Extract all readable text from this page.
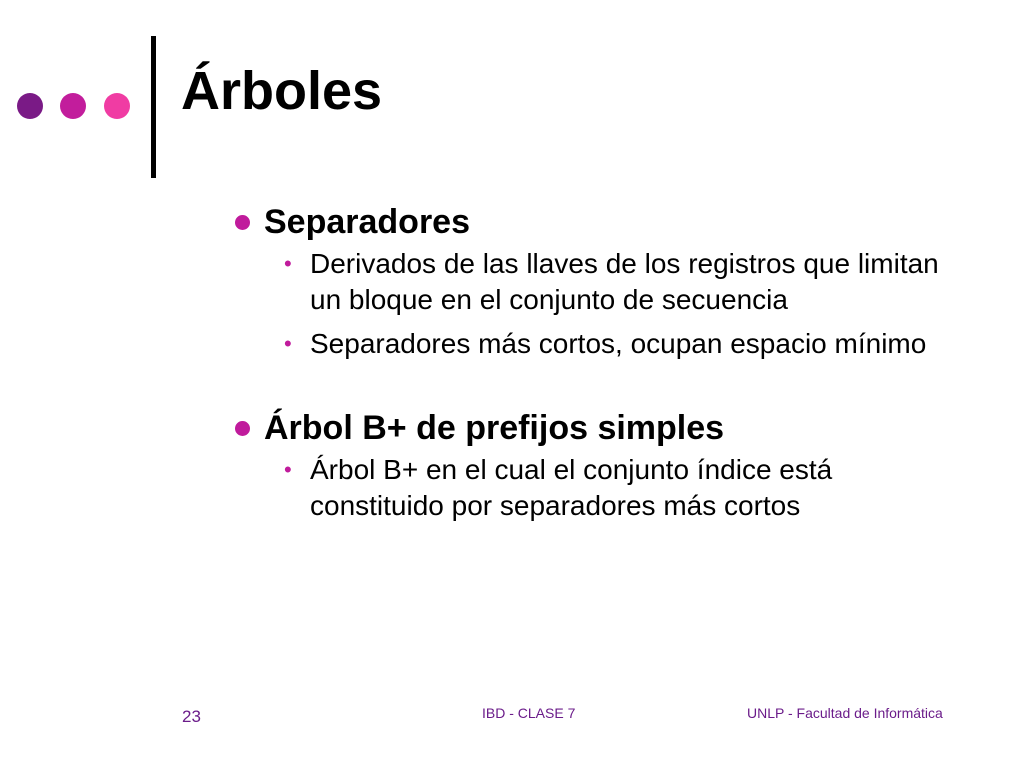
Árboles
Separadores
• Derivados de las llaves de los registros que limitan un bloque en el conjunto de secuencia
• Separadores más cortos, ocupan espacio mínimo
Árbol B+ de prefijos simples
• Árbol B+ en el cual el conjunto índice está constituido por separadores más cortos
23	IBD - CLASE 7	UNLP - Facultad de Informática
